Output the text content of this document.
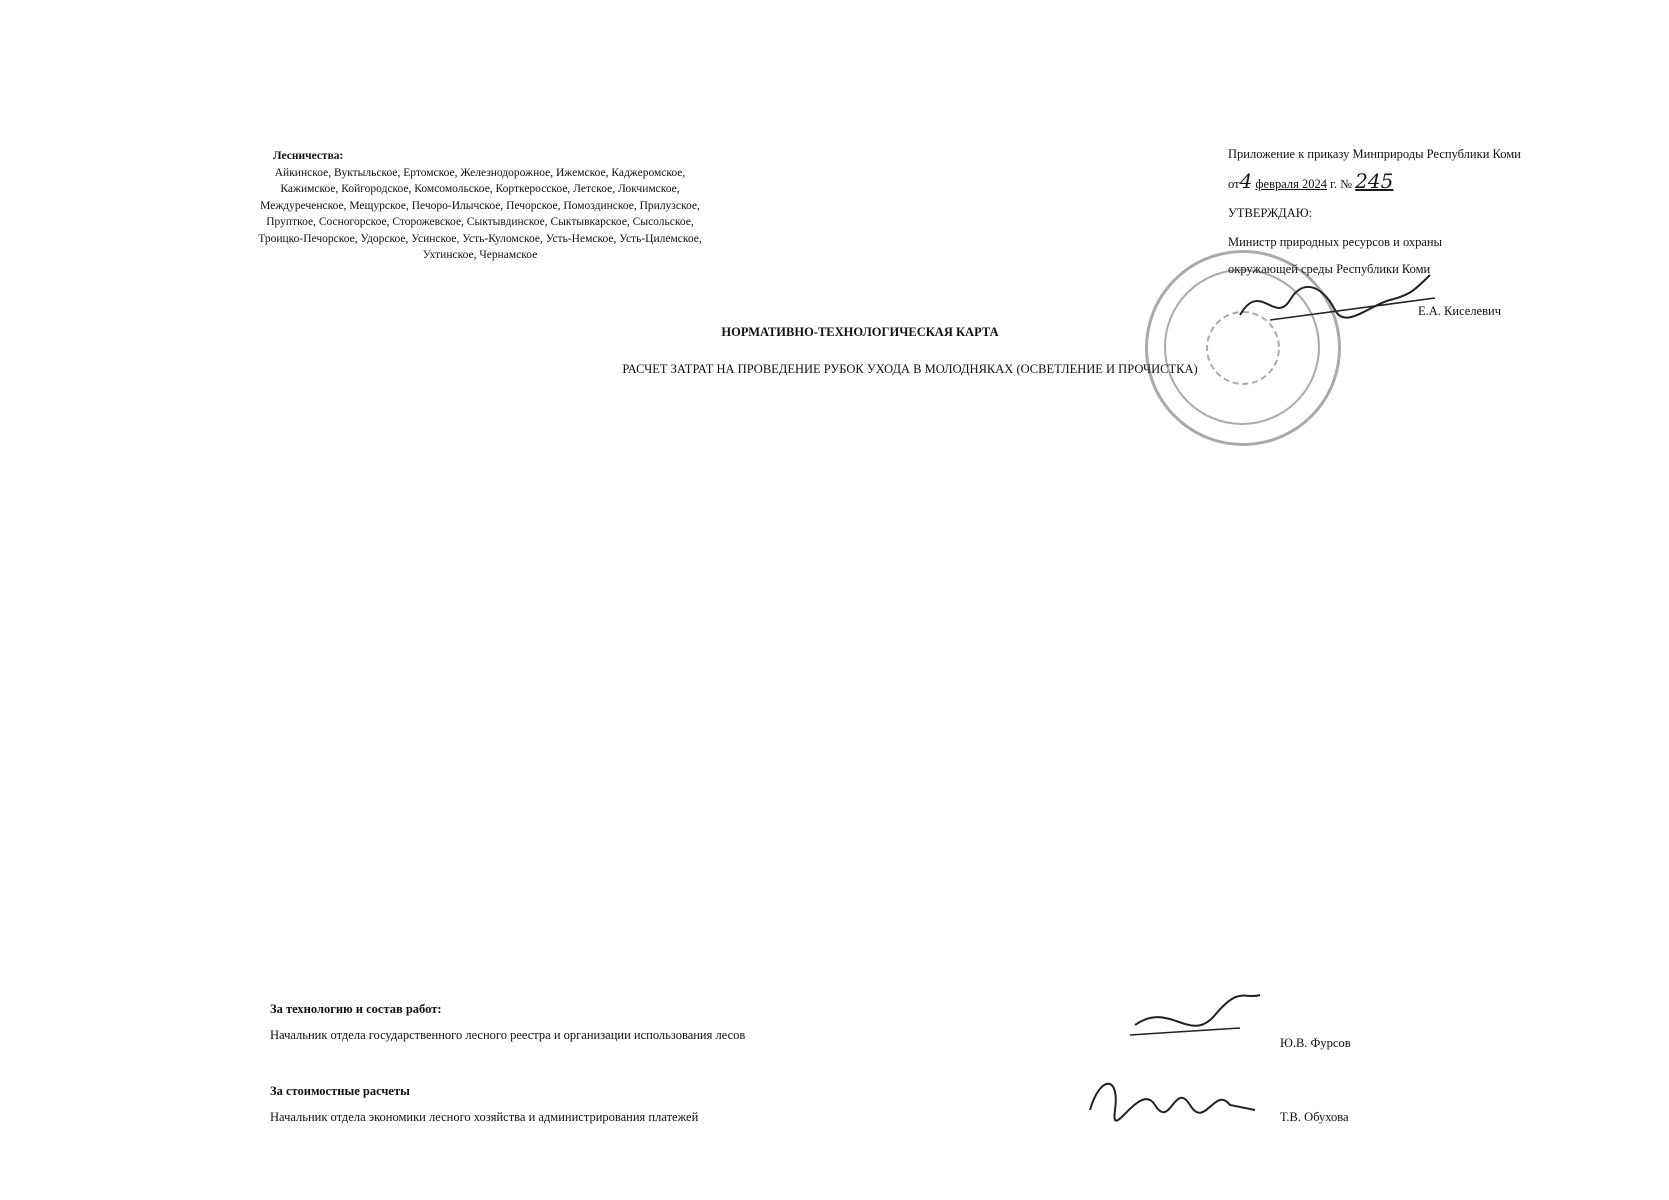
Лесничества:
Айкинское, Вуктыльское, Ертомское, Железнодорожное, Ижемское, Каджеромское, Кажимское, Койгородское, Комсомольское, Корткеросское, Летское, Локчимское, Междуреченское, Мещурское, Печоро-Илычское, Печорское, Помоздинское, Прилузское, Прупткое, Сосногорское, Сторожевское, Сыктывдинское, Сыктывкарское, Сысольское, Троицко-Печорское, Удорское, Усинское, Усть-Куломское, Усть-Немское, Усть-Цилемское, Ухтинское, Чернамское
Приложение к приказу Минприроды Республики Коми
от4 февраля 2024 г. № 245
УТВЕРЖДАЮ:
Министр природных ресурсов и охраны
окружающей среды Республики Коми
Е.А. Киселевич
НОРМАТИВНО-ТЕХНОЛОГИЧЕСКАЯ КАРТА
РАСЧЕТ ЗАТРАТ НА ПРОВЕДЕНИЕ РУБОК УХОДА В МОЛОДНЯКАХ (ОСВЕТЛЕНИЕ И ПРОЧИСТКА)
За технологию и состав работ:
Начальник отдела государственного лесного реестра и организации использования лесов
Ю.В. Фурсов
За стоимостные расчеты
Начальник отдела экономики лесного хозяйства и администрирования платежей	Т.В. Обухова
